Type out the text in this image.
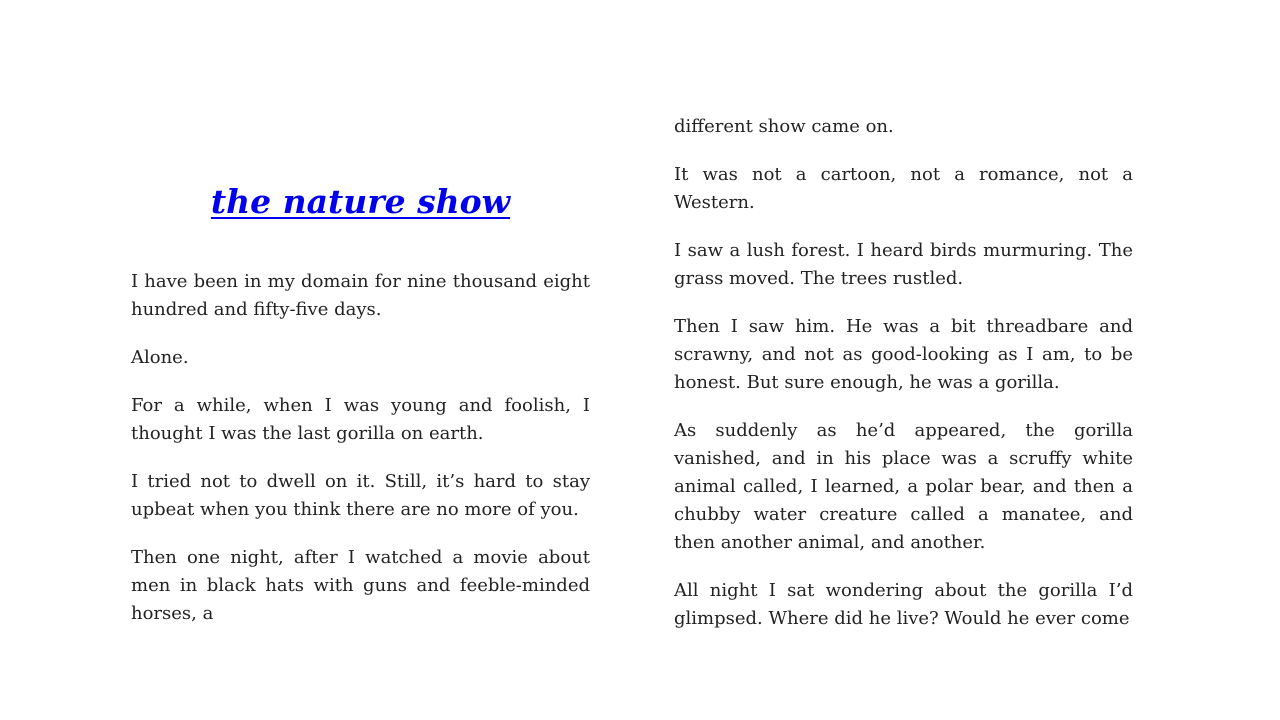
the nature show

I have been in my domain for nine thousand eight hundred and fifty-five days.

Alone.

For a while, when I was young and foolish, I thought I was the last gorilla on earth.

I tried not to dwell on it. Still, it’s hard to stay upbeat when you think there are no more of you.

Then one night, after I watched a movie about men in black hats with guns and feeble-minded horses, a

different show came on.

It was not a cartoon, not a romance, not a Western.

I saw a lush forest. I heard birds murmuring. The grass moved. The trees rustled.

Then I saw him. He was a bit threadbare and scrawny, and not as good-looking as I am, to be honest. But sure enough, he was a gorilla.

As suddenly as he’d appeared, the gorilla vanished, and in his place was a scruffy white animal called, I learned, a polar bear, and then a chubby water creature called a manatee, and then another animal, and another.

All night I sat wondering about the gorilla I’d glimpsed. Where did he live? Would he ever come
